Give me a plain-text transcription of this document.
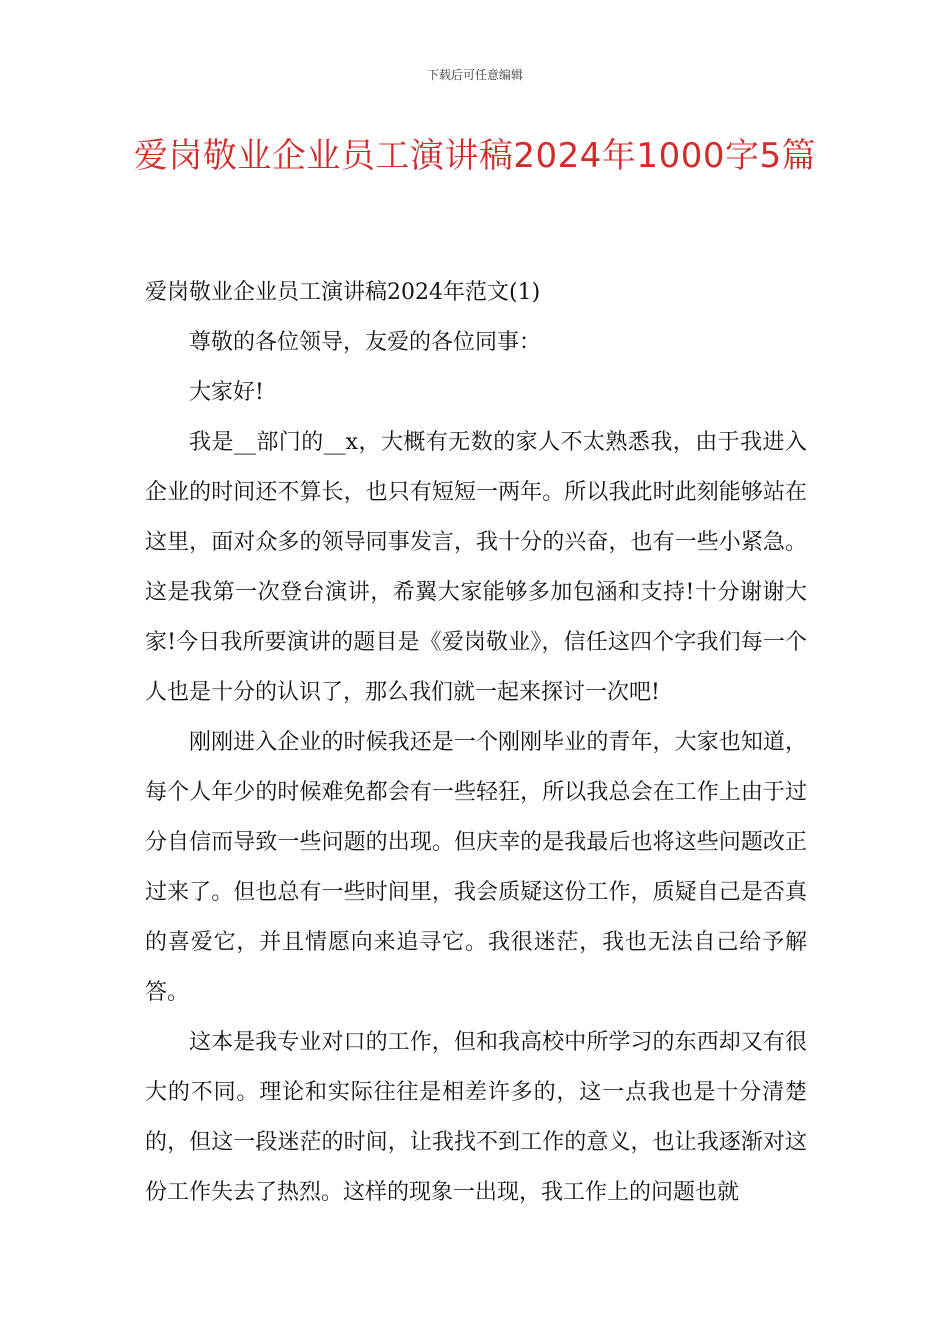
下载后可任意编辑
爱岗敬业企业员工演讲稿2024年1000字5篇

爱岗敬业企业员工演讲稿2024年范文(1)

尊敬的各位领导，友爱的各位同事：

大家好!

我是__部门的__x，大概有无数的家人不太熟悉我，由于我进入企业的时间还不算长，也只有短短一两年。所以我此时此刻能够站在这里，面对众多的领导同事发言，我十分的兴奋，也有一些小紧急。这是我第一次登台演讲，希翼大家能够多加包涵和支持!十分谢谢大家!今日我所要演讲的题目是《爱岗敬业》，信任这四个字我们每一个人也是十分的认识了，那么我们就一起来探讨一次吧!

刚刚进入企业的时候我还是一个刚刚毕业的青年，大家也知道，每个人年少的时候难免都会有一些轻狂，所以我总会在工作上由于过分自信而导致一些问题的出现。但庆幸的是我最后也将这些问题改正过来了。但也总有一些时间里，我会质疑这份工作，质疑自己是否真的喜爱它，并且情愿向来追寻它。我很迷茫，我也无法自己给予解答。

这本是我专业对口的工作，但和我高校中所学习的东西却又有很大的不同。理论和实际往往是相差许多的，这一点我也是十分清楚的，但这一段迷茫的时间，让我找不到工作的意义，也让我逐渐对这份工作失去了热烈。这样的现象一出现，我工作上的问题也就
